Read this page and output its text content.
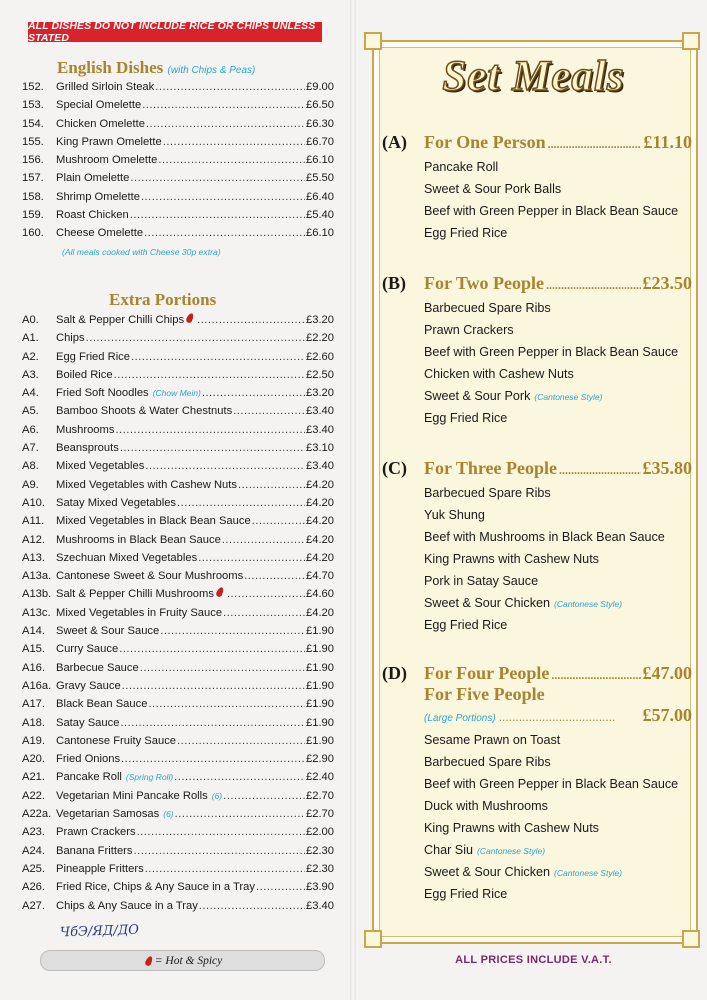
ALL DISHES DO NOT INCLUDE RICE OR CHIPS UNLESS STATED
English Dishes (with Chips & Peas)
152.	Grilled Sirloin Steak .....	£9.00
153.	Special Omelette .....	£6.50
154.	Chicken Omelette .....	£6.30
155.	King Prawn Omelette .....	£6.70
156.	Mushroom Omelette .....	£6.10
157.	Plain Omelette .....	£5.50
158.	Shrimp Omelette .....	£6.40
159.	Roast Chicken .....	£5.40
160.	Cheese Omelette .....	£6.10
(All meals cooked with Cheese 30p extra)
Extra Portions
A0.	Salt & Pepper Chilli Chips .....	£3.20
A1.	Chips .....	£2.20
A2.	Egg Fried Rice .....	£2.60
A3.	Boiled Rice .....	£2.50
A4.	Fried Soft Noodles (Chow Mein) .....	£3.20
A5.	Bamboo Shoots & Water Chestnuts .....	£3.40
A6.	Mushrooms .....	£3.40
A7.	Beansprouts .....	£3.10
A8.	Mixed Vegetables .....	£3.40
A9.	Mixed Vegetables with Cashew Nuts .....	£4.20
A10. Satay Mixed Vegetables .....	£4.20
A11.	Mixed Vegetables in Black Bean Sauce .....	£4.20
A12. Mushrooms in Black Bean Sauce .....	£4.20
A13. Szechuan Mixed Vegetables .....	£4.20
A13a. Cantonese Sweet & Sour Mushrooms .....	£4.70
A13b. Salt & Pepper Chilli Mushrooms .....	£4.60
A13c. Mixed Vegetables in Fruity Sauce .....	£4.20
A14. Sweet & Sour Sauce .....	£1.90
A15. Curry Sauce .....	£1.90
A16. Barbecue Sauce .....	£1.90
A16a. Gravy Sauce .....	£1.90
A17. Black Bean Sauce .....	£1.90
A18. Satay Sauce .....	£1.90
A19. Cantonese Fruity Sauce .....	£1.90
A20. Fried Onions .....	£2.90
A21. Pancake Roll (Spring Roll) .....	£2.40
A22. Vegetarian Mini Pancake Rolls (6) .....	£2.70
A22a. Vegetarian Samosas (6) .....	£2.70
A23. Prawn Crackers .....	£2.00
A24. Banana Fritters .....	£2.30
A25. Pineapple Fritters .....	£2.30
A26. Fried Rice, Chips & Any Sauce in a Tray .....	£3.90
A27. Chips & Any Sauce in a Tray .....	£3.40
ЧбЭ/ЯД/ДО
= Hot & Spicy
Set Meals
(A) For One Person .....	£11.10
Pancake Roll
Sweet & Sour Pork Balls
Beef with Green Pepper in Black Bean Sauce
Egg Fried Rice
(B)	For Two People .....	£23.50
Barbecued Spare Ribs
Prawn Crackers
Beef with Green Pepper in Black Bean Sauce
Chicken with Cashew Nuts
Sweet & Sour Pork (Cantonese Style)
Egg Fried Rice
(C) For Three People .....	£35.80
Barbecued Spare Ribs
Yuk Shung
Beef with Mushrooms in Black Bean Sauce
King Prawns with Cashew Nuts
Pork in Satay Sauce
Sweet & Sour Chicken (Cantonese Style)
Egg Fried Rice
(D) For Four People .....	£47.00
For Five People
(Large Portions) .....	£57.00
Sesame Prawn on Toast
Barbecued Spare Ribs
Beef with Green Pepper in Black Bean Sauce
Duck with Mushrooms
King Prawns with Cashew Nuts
Char Siu (Cantonese Style)
Sweet & Sour Chicken (Cantonese Style)
Egg Fried Rice
ALL PRICES INCLUDE V.A.T.
